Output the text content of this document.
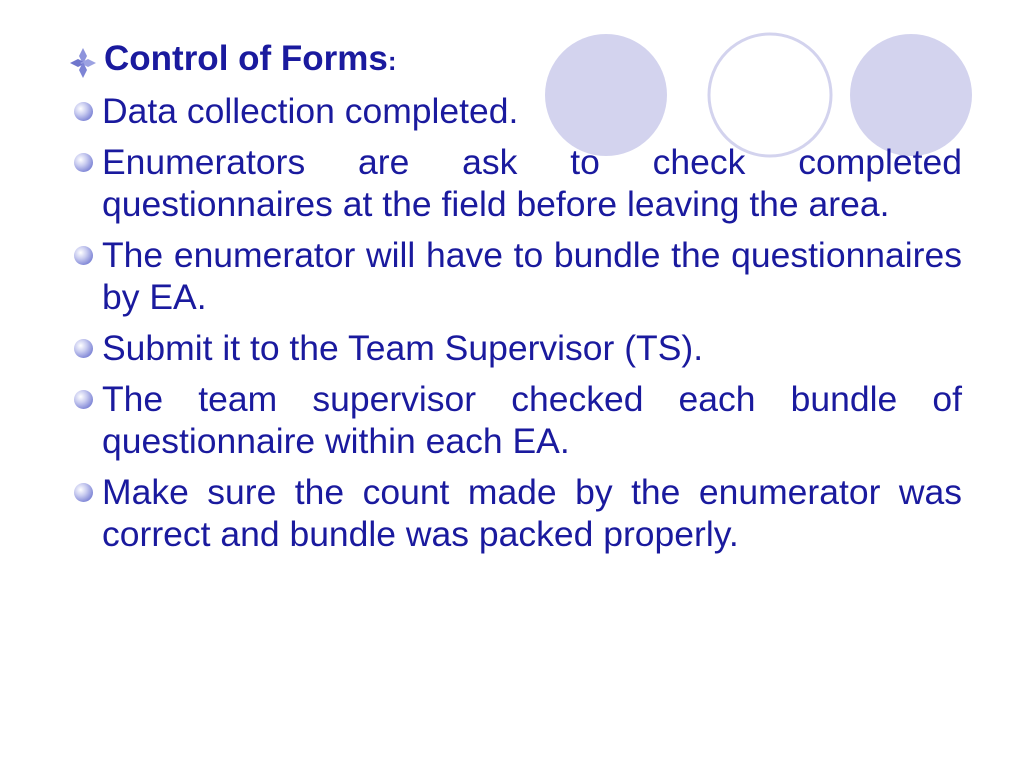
Control of Forms:
Data collection completed.
Enumerators are ask to check completed questionnaires at the field before leaving the area.
The enumerator will have to bundle the questionnaires by EA.
Submit it to the Team Supervisor (TS).
The team supervisor checked each bundle of questionnaire within each EA.
Make sure the count made by the enumerator was correct and bundle was packed properly.
